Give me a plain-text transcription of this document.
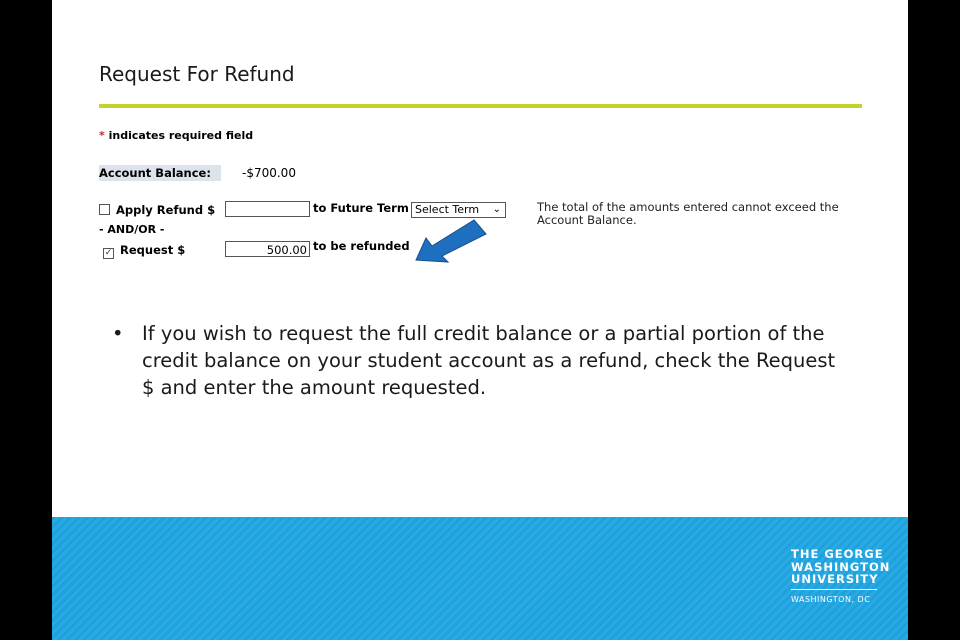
Request For Refund
* indicates required field
Account Balance:	-$700.00
Apply Refund $	to Future Term Select Term ⌄
- AND/OR -
✓ Request $	500.00 to be refunded
The total of the amounts entered cannot exceed the Account Balance.
• If you wish to request the full credit balance or a partial portion of the credit balance on your student account as a refund, check the Request $ and enter the amount requested.
THE GEORGE
WASHINGTON
UNIVERSITY
WASHINGTON, DC
